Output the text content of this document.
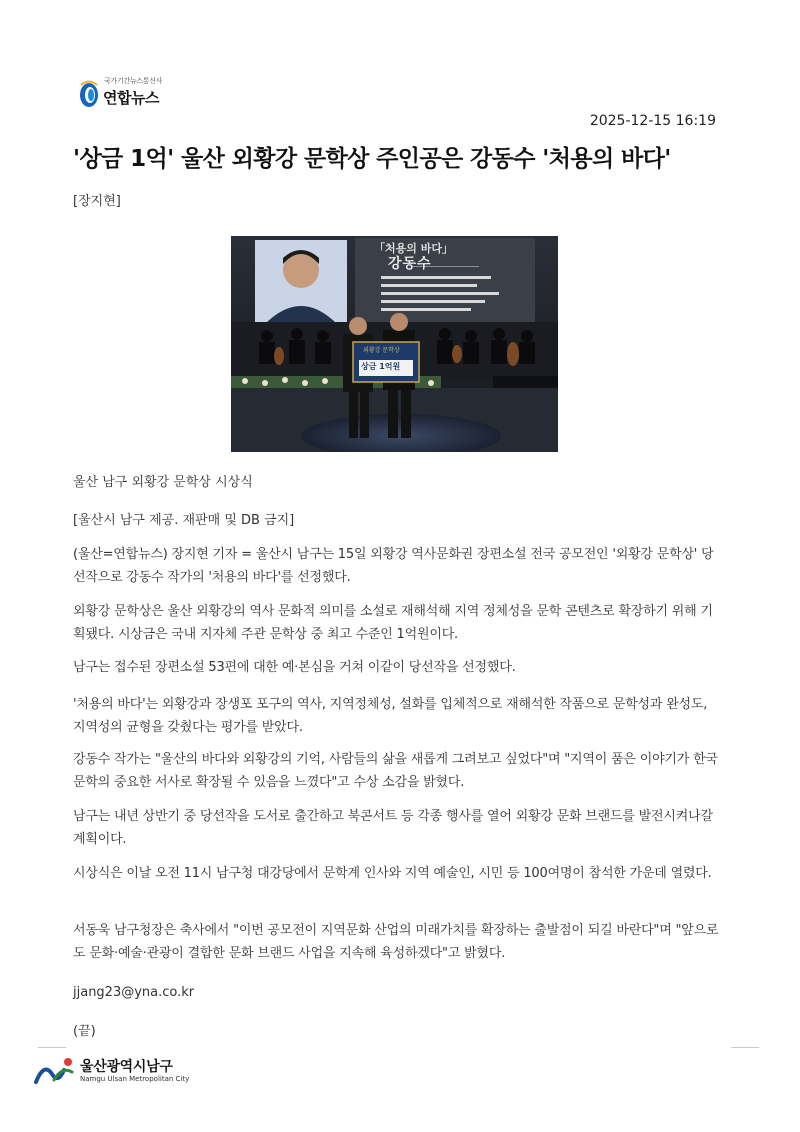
국가기간뉴스통신사
연합뉴스
2025-12-15 16:19
'상금 1억' 울산 외황강 문학상 주인공은 강동수 '처용의 바다'
[장지현]
「처용의 바다」
강동수
외황강 문학상
상금 1억원
울산 남구 외황강 문학상 시상식
[울산시 남구 제공. 재판매 및 DB 금지]

(울산=연합뉴스) 장지현 기자 = 울산시 남구는 15일 외황강 역사문화권 장편소설 전국 공모전인 '외황강 문학상' 당선작으로 강동수 작가의 '처용의 바다'를 선정했다.

외황강 문학상은 울산 외황강의 역사 문화적 의미를 소설로 재해석해 지역 정체성을 문학 콘텐츠로 확장하기 위해 기획됐다. 시상금은 국내 지자체 주관 문학상 중 최고 수준인 1억원이다.

남구는 접수된 장편소설 53편에 대한 예·본심을 거쳐 이같이 당선작을 선정했다.

'처용의 바다'는 외황강과 장생포 포구의 역사, 지역정체성, 설화를 입체적으로 재해석한 작품으로 문학성과 완성도, 지역성의 균형을 갖췄다는 평가를 받았다.

강동수 작가는 "울산의 바다와 외황강의 기억, 사람들의 삶을 새롭게 그려보고 싶었다"며 "지역이 품은 이야기가 한국문학의 중요한 서사로 확장될 수 있음을 느꼈다"고 수상 소감을 밝혔다.

남구는 내년 상반기 중 당선작을 도서로 출간하고 북콘서트 등 각종 행사를 열어 외황강 문화 브랜드를 발전시켜나갈 계획이다.

시상식은 이날 오전 11시 남구청 대강당에서 문학계 인사와 지역 예술인, 시민 등 100여명이 참석한 가운데 열렸다.

서동욱 남구청장은 축사에서 "이번 공모전이 지역문화 산업의 미래가치를 확장하는 출발점이 되길 바란다"며 "앞으로도 문화·예술·관광이 결합한 문화 브랜드 사업을 지속해 육성하겠다"고 밝혔다.

jjang23@yna.co.kr
(끝)
울산광역시남구
Namgu Ulsan Metropolitan City
